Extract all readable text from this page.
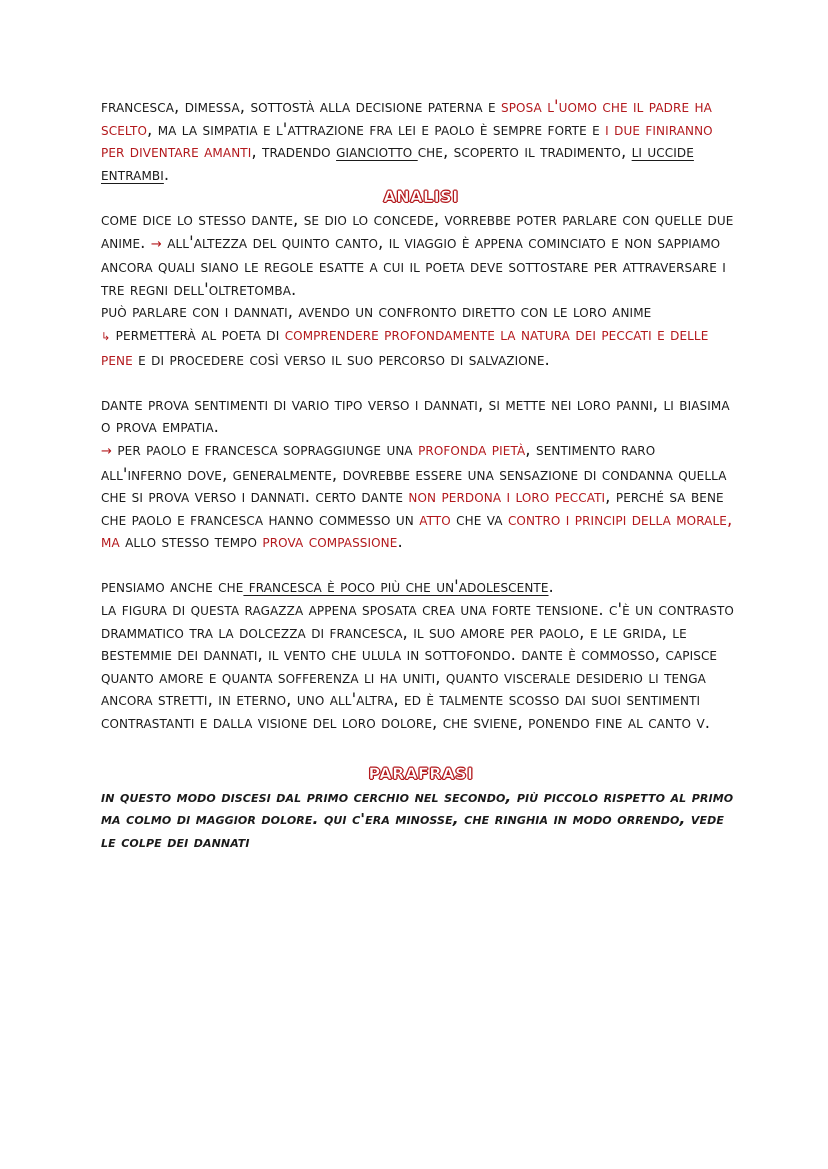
francesca, dimessa, sottostà alla decisione paterna e sposa l'uomo che il padre ha scelto, ma la simpatia e l'attrazione fra lei e paolo è sempre forte e i due finiranno per diventare amanti, tradendo gianciotto che, scoperto il tradimento, li uccide entrambi.
ANALISI
come dice lo stesso dante, se dio lo concede, vorrebbe poter parlare con quelle due anime. → all'altezza del quinto canto, il viaggio è appena cominciato e non sappiamo ancora quali siano le regole esatte a cui il poeta deve sottostare per attraversare i tre regni dell'oltretomba.
può parlare con i dannati, avendo un confronto diretto con le loro anime
↳ permetterà al poeta di comprendere profondamente la natura dei peccati e delle pene e di procedere così verso il suo percorso di salvazione.
dante prova sentimenti di vario tipo verso i dannati, si mette nei loro panni, li biasima o prova empatia.
→ per paolo e francesca sopraggiunge una profonda pietà, sentimento raro all'inferno dove, generalmente, dovrebbe essere una sensazione di condanna quella che si prova verso i dannati. certo dante non perdona i loro peccati, perché sa bene che paolo e francesca hanno commesso un atto che va contro i principi della morale, ma allo stesso tempo prova compassione.
pensiamo anche che francesca è poco più che un'adolescente.
la figura di questa ragazza appena sposata crea una forte tensione. c'è un contrasto drammatico tra la dolcezza di francesca, il suo amore per paolo, e le grida, le bestemmie dei dannati, il vento che ulula in sottofondo. dante è commosso, capisce quanto amore e quanta sofferenza li ha uniti, quanto viscerale desiderio li tenga ancora stretti, in eterno, uno all'altra, ed è talmente scosso dai suoi sentimenti contrastanti e dalla visione del loro dolore, che sviene, ponendo fine al canto v.
PARAFRASI
in questo modo discesi dal primo cerchio nel secondo, più piccolo rispetto al primo ma colmo di maggior dolore. qui c'era minosse, che ringhia in modo orrendo, vede le colpe dei dannati
